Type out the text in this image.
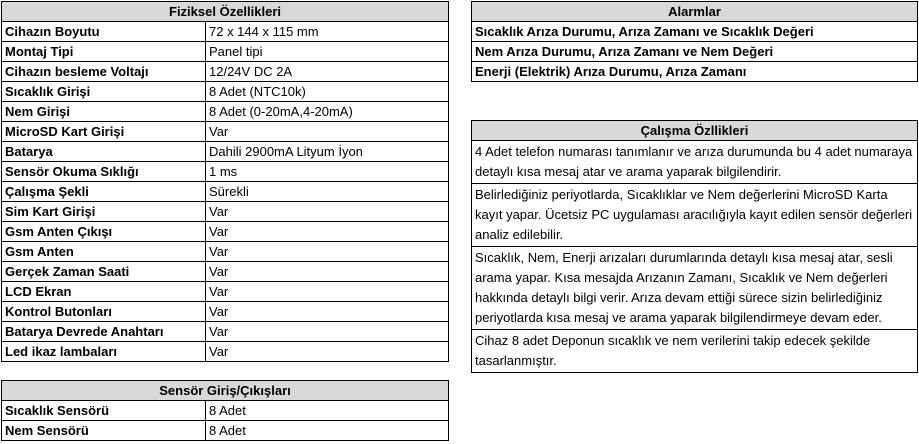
Fiziksel Özellikleri	
Cihazın Boyutu	72 x 144 x 115 mm
Montaj Tipi	Panel tipi
Cihazın besleme Voltajı	12/24V DC 2A
Sıcaklık Girişi	8 Adet (NTC10k)
Nem Girişi	8 Adet (0-20mA,4-20mA)
MicroSD Kart Girişi	Var
Batarya	Dahili 2900mA Lityum İyon
Sensör Okuma Sıklığı	1 ms
Çalışma Şekli	Sürekli
Sim Kart Girişi	Var
Gsm Anten Çıkışı	Var
Gsm Anten	Var
Gerçek Zaman Saati	Var
LCD Ekran	Var
Kontrol Butonları	Var
Batarya Devrede Anahtarı	Var
Led ikaz lambaları	Var
Sensör Giriş/Çıkışları	
Sıcaklık Sensörü	8 Adet
Nem Sensörü	8 Adet
Alarmlar
Sıcaklık Arıza Durumu, Arıza Zamanı ve Sıcaklık Değeri
Nem Arıza Durumu, Arıza Zamanı ve Nem Değeri
Enerji (Elektrik) Arıza Durumu, Arıza Zamanı
Çalışma Özllikleri
4 Adet telefon numarası tanımlanır ve arıza durumunda bu 4 adet numaraya detaylı kısa mesaj atar ve arama yaparak bilgilendirir.
Belirlediğiniz periyotlarda, Sıcaklıklar ve Nem değerlerini MicroSD Karta kayıt yapar. Ücetsiz PC uygulaması aracılığıyla kayıt edilen sensör değerleri analiz edilebilir.
Sıcaklık, Nem, Enerji arızaları durumlarında detaylı kısa mesaj atar, sesli arama yapar. Kısa mesajda Arızanın Zamanı, Sıcaklık ve Nem değerleri hakkında detaylı bilgi verir. Arıza devam ettiği sürece sizin belirlediğiniz periyotlarda kısa mesaj ve arama yaparak bilgilendirmeye devam eder.
Cihaz 8 adet Deponun sıcaklık ve nem verilerini takip edecek şekilde tasarlanmıştır.
